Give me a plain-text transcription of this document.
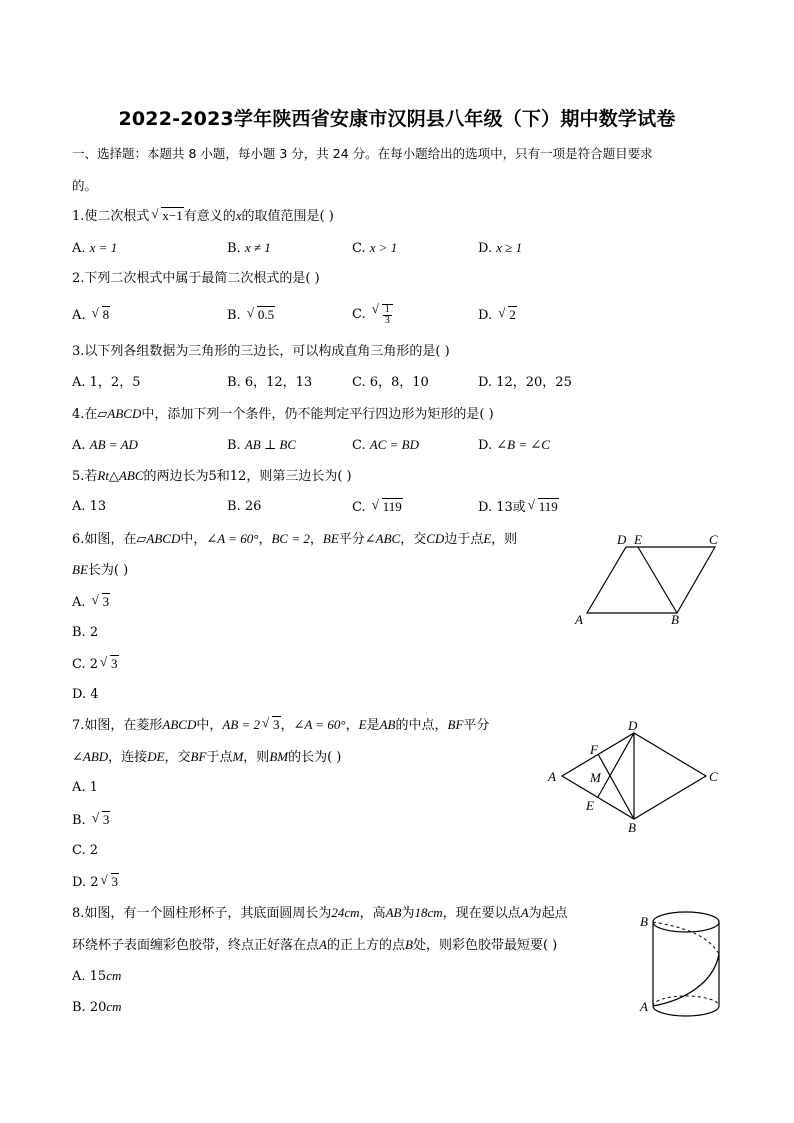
2022-2023学年陕西省安康市汉阴县八年级（下）期中数学试卷
一、选择题：本题共 8 小题，每小题 3 分，共 24 分。在每小题给出的选项中，只有一项是符合题目要求
的。
1.使二次根式 √ x−1有意义的x的取值范围是( )
A. x = 1	B. x ≠ 1	C. x > 1	D. x ≥ 1
2.下列二次根式中属于最简二次根式的是( )
A. √ 8	B. √ 0.5	C. √ $\frac{1}{3}$	D. √ 2
3.以下列各组数据为三角形的三边长，可以构成直角三角形的是( )
A. 1，2，5	B. 6，12，13	C. 6，8，10	D. 12，20，25
4.在▱ABCD中，添加下列一个条件，仍不能判定平行四边形为矩形的是( )
A. AB = AD	B. AB ⊥ BC	C. AC = BD	D. ∠B = ∠C
5.若Rt△ABC的两边长为5和12，则第三边长为( )
A. 13	B. 26	C. √ 119	D. 13或 √ 119
6.如图，在▱ABCD中，∠A = 60°，BC = 2，BE平分∠ABC，交CD边于点E，则
BE长为( )
A. √ 3
B. 2
C. 2 √ 3
D. 4
D E	C
A	B
7.如图，在菱形ABCD中，AB = 2 √ 3，∠A = 60°，E是AB的中点，BF平分
∠ABD，连接DE，交BF于点M，则BM的长为( )
A. 1
B. √ 3
C. 2
D. 2 √ 3
D
F
A	M	C
E
B
8.如图，有一个圆柱形杯子，其底面圆周长为24cm，高AB为18cm，现在要以点A为起点
环绕杯子表面缠彩色胶带，终点正好落在点A的正上方的点B处，则彩色胶带最短要( )
A. 15cm
B. 20cm
B
A
